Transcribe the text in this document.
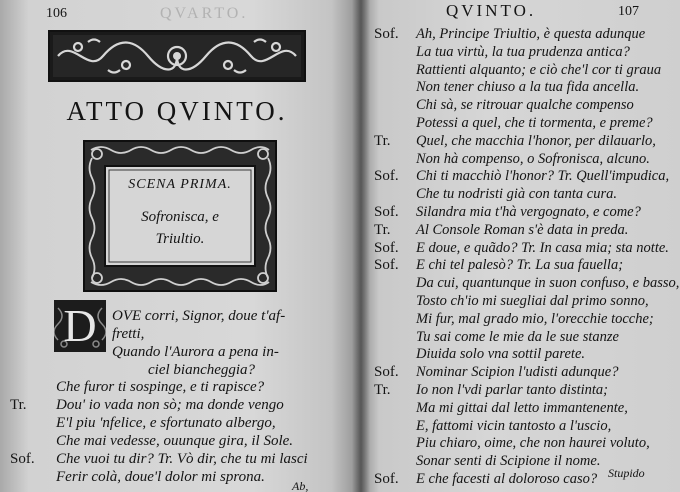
106	QVARTO.
ATTO QVINTO.
SCENA PRIMA.
Sofronisca, e
Triultio.
D	OVE corri, Signor, doue t'af-
fretti,
Quando l'Aurora a pena in-
ciel biancheggia?
Che furor ti sospinge, e ti rapisce?
Tr. Dou' io vada non sò; ma donde vengo
E'l piu 'nfelice, e sfortunato albergo,
Che mai vedesse, ouunque gira, il Sole.
Sof. Che vuoi tu dir? Tr. Vò dir, che tu mi lasci
Ferir colà, doue'l dolor mi sprona.
Ab,
QVINTO.	107
Sof. Ah, Principe Triultio, è questa adunque
La tua virtù, la tua prudenza antica?
Rattienti alquanto; e ciò che'l cor ti graua
Non tener chiuso a la tua fida ancella.
Chi sà, se ritrouar qualche compenso
Potessi a quel, che ti tormenta, e preme?
Tr. Quel, che macchia l'honor, per dilauarlo,
Non hà compenso, o Sofronisca, alcuno.
Sof. Chi ti macchiò l'honor? Tr. Quell'impudica,
Che tu nodristi già con tanta cura.
Sof. Silandra mia t'hà vergognato, e come?
Tr. Al Console Roman s'è data in preda.
Sof. E doue, e quãdo? Tr. In casa mia; sta notte.
Sof. E chi tel palesò? Tr. La sua fauella;
Da cui, quantunque in suon confuso, e basso,
Tosto ch'io mi suegliai dal primo sonno,
Mi fur, mal grado mio, l'orecchie tocche;
Tu sai come le mie da le sue stanze
Diuida solo vna sottil parete.
Sof. Nominar Scipion l'udisti adunque?
Tr. Io non l'vdi parlar tanto distinta;
Ma mi gittai dal letto immantenente,
E, fattomi vicin tantosto a l'uscio,
Piu chiaro, oime, che non haurei voluto,
Sonar senti di Scipione il nome.
Sof. E che facesti al doloroso caso? Stupido
